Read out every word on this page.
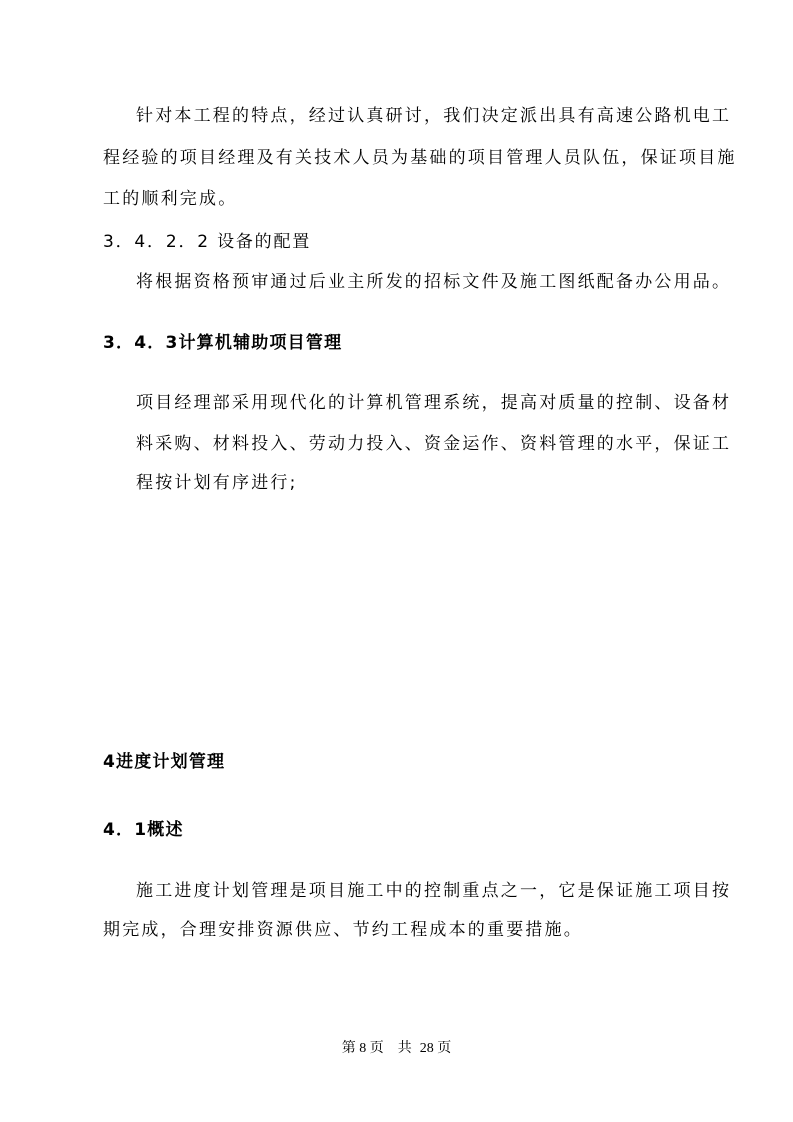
针对本工程的特点，经过认真研讨，我们决定派出具有高速公路机电工
程经验的项目经理及有关技术人员为基础的项目管理人员队伍，保证项目施
工的顺利完成。
3．4．2．2 设备的配置
将根据资格预审通过后业主所发的招标文件及施工图纸配备办公用品。
3．4．3计算机辅助项目管理
项目经理部采用现代化的计算机管理系统，提高对质量的控制、设备材
料采购、材料投入、劳动力投入、资金运作、资料管理的水平，保证工
程按计划有序进行;
4进度计划管理
4．1概述
施工进度计划管理是项目施工中的控制重点之一，它是保证施工项目按
期完成，合理安排资源供应、节约工程成本的重要措施。
第 8 页 共 28 页
